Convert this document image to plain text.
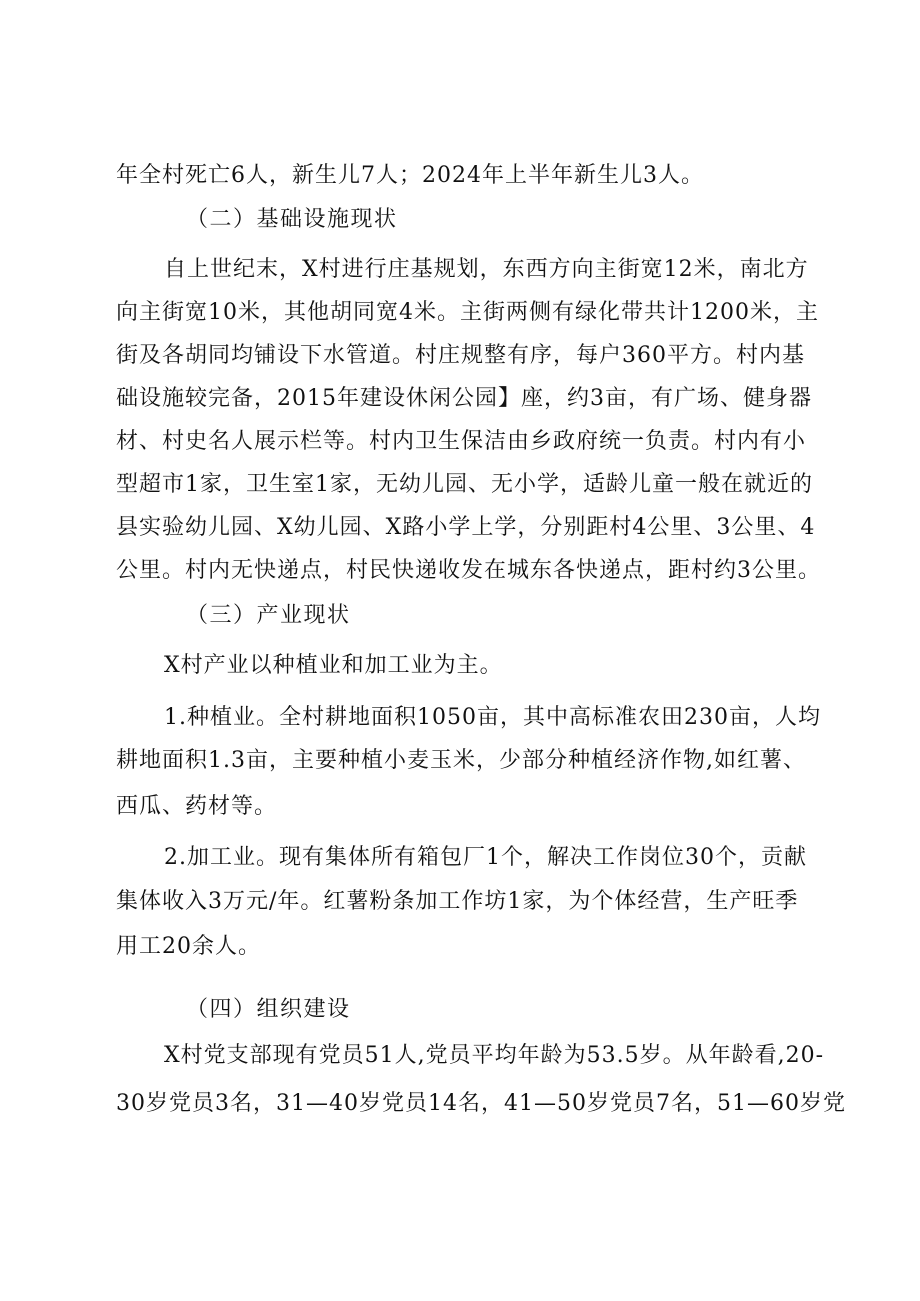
年全村死亡6人，新生儿7人；2024年上半年新生儿3人。
（二）基础设施现状
自上世纪末，X村进行庄基规划，东西方向主街宽12米，南北方
向主街宽10米，其他胡同宽4米。主街两侧有绿化带共计1200米，主
街及各胡同均铺设下水管道。村庄规整有序，每户360平方。村内基
础设施较完备，2015年建设休闲公园】座，约3亩，有广场、健身器
材、村史名人展示栏等。村内卫生保洁由乡政府统一负责。村内有小
型超市1家，卫生室1家，无幼儿园、无小学，适龄儿童一般在就近的
县实验幼儿园、X幼儿园、X路小学上学，分别距村4公里、3公里、4
公里。村内无快递点，村民快递收发在城东各快递点，距村约3公里。
（三）产业现状
X村产业以种植业和加工业为主。
1.种植业。全村耕地面积1050亩，其中高标准农田230亩，人均
耕地面积1.3亩，主要种植小麦玉米，少部分种植经济作物,如红薯、
西瓜、药材等。
2.加工业。现有集体所有箱包厂1个，解决工作岗位30个，贡献
集体收入3万元/年。红薯粉条加工作坊1家，为个体经营，生产旺季
用工20余人。
（四）组织建设
X村党支部现有党员51人,党员平均年龄为53.5岁。从年龄看,20-
30岁党员3名，31—40岁党员14名，41—50岁党员7名，51—60岁党
